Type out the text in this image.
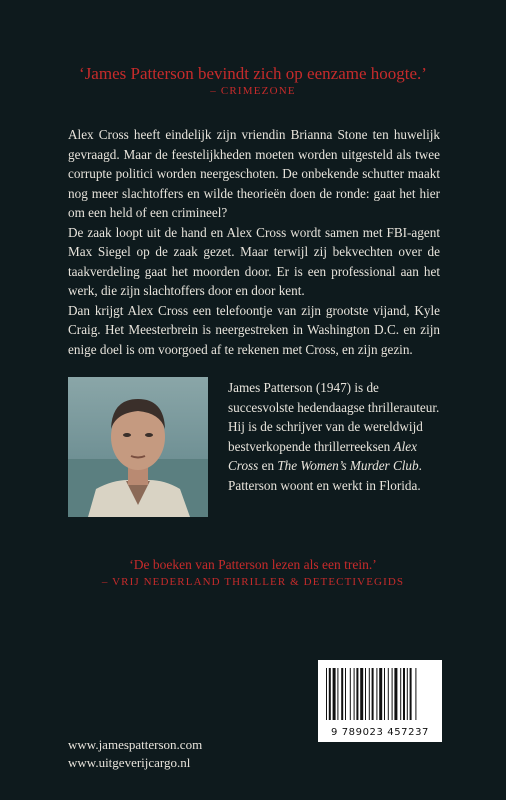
‘James Patterson bevindt zich op eenzame hoogte.’
– CRIMEZONE

Alex Cross heeft eindelijk zijn vriendin Brianna Stone ten huwelijk gevraagd. Maar de feestelijkheden moeten worden uitgesteld als twee corrupte politici worden neergeschoten. De onbekende schutter maakt nog meer slachtoffers en wilde theorieën doen de ronde: gaat het hier om een held of een crimineel?

De zaak loopt uit de hand en Alex Cross wordt samen met FBI-agent Max Siegel op de zaak gezet. Maar terwijl zij bekvechten over de taakverdeling gaat het moorden door. Er is een professional aan het werk, die zijn slachtoffers door en door kent.

Dan krijgt Alex Cross een telefoontje van zijn grootste vijand, Kyle Craig. Het Meesterbrein is neergestreken in Washington D.C. en zijn enige doel is om voorgoed af te rekenen met Cross, en zijn gezin.

James Patterson (1947) is de succesvolste hedendaagse thrillerauteur. Hij is de schrijver van de wereldwijd bestverkopende thrillerreeksen Alex Cross en The Women’s Murder Club. Patterson woont en werkt in Florida.
‘De boeken van Patterson lezen als een trein.’
– VRIJ NEDERLAND THRILLER & DETECTIVEGIDS
9 789023 457237
www.jamespatterson.com
www.uitgeverijcargo.nl
